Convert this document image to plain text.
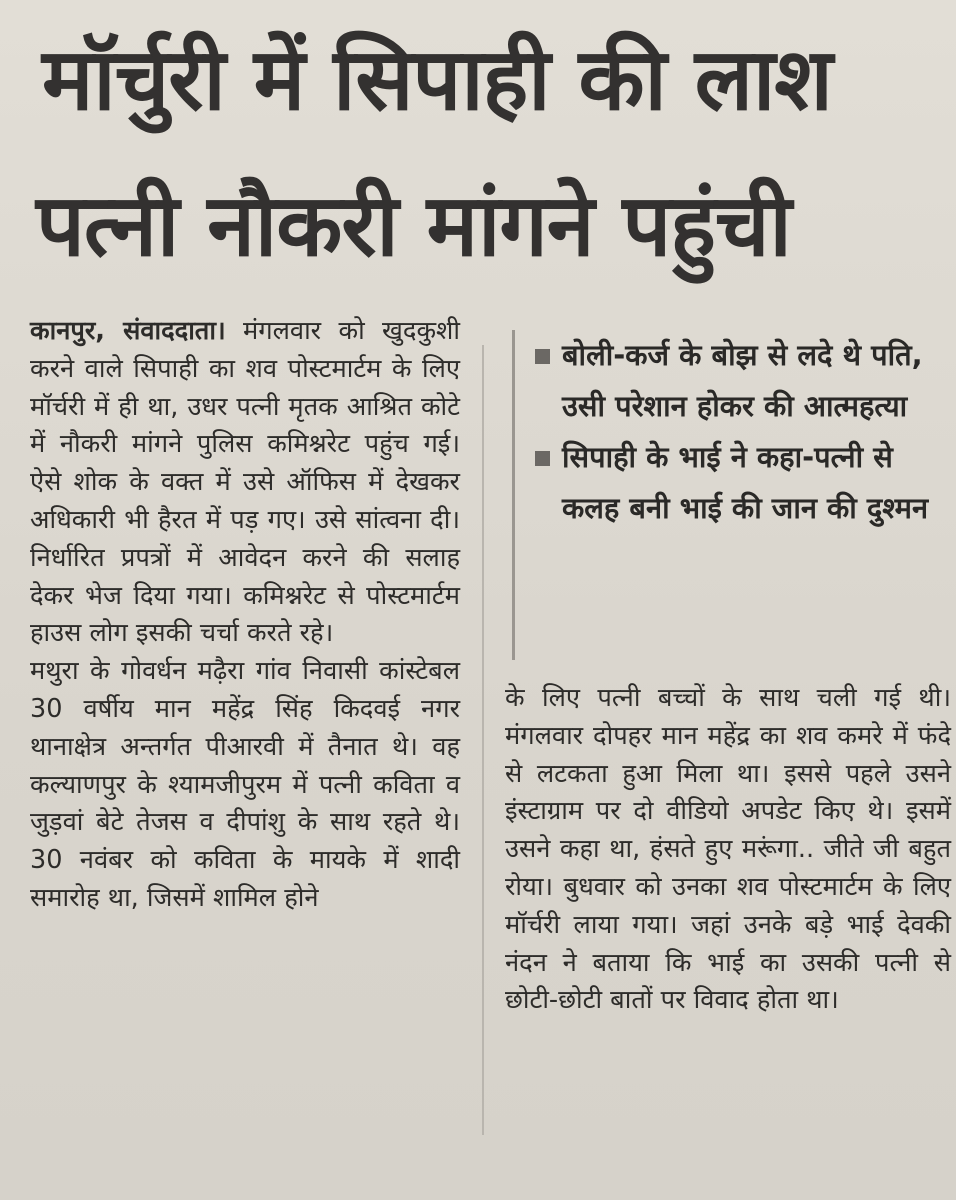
मॉर्चुरी में सिपाही की लाश
पत्नी नौकरी मांगने पहुंची

कानपुर, संवाददाता। मंगलवार को खुदकुशी करने वाले सिपाही का शव पोस्टमार्टम के लिए मॉर्चरी में ही था, उधर पत्नी मृतक आश्रित कोटे में नौकरी मांगने पुलिस कमिश्नरेट पहुंच गई। ऐसे शोक के वक्त में उसे ऑफिस में देखकर अधिकारी भी हैरत में पड़ गए। उसे सांत्वना दी। निर्धारित प्रपत्रों में आवेदन करने की सलाह देकर भेज दिया गया। कमिश्नरेट से पोस्टमार्टम हाउस लोग इसकी चर्चा करते रहे।

मथुरा के गोवर्धन मढ़ैरा गांव निवासी कांस्टेबल 30 वर्षीय मान महेंद्र सिंह किदवई नगर थानाक्षेत्र अन्तर्गत पीआरवी में तैनात थे। वह कल्याणपुर के श्यामजीपुरम में पत्नी कविता व जुड़वां बेटे तेजस व दीपांशु के साथ रहते थे। 30 नवंबर को कविता के मायके में शादी समारोह था, जिसमें शामिल होने

बोली-कर्ज के बोझ से लदे थे पति, उसी परेशान होकर की आत्महत्या
सिपाही के भाई ने कहा-पत्नी से कलह बनी भाई की जान की दुश्मन

के लिए पत्नी बच्चों के साथ चली गई थी। मंगलवार दोपहर मान महेंद्र का शव कमरे में फंदे से लटकता हुआ मिला था। इससे पहले उसने इंस्टाग्राम पर दो वीडियो अपडेट किए थे। इसमें उसने कहा था, हंसते हुए मरूंगा.. जीते जी बहुत रोया। बुधवार को उनका शव पोस्टमार्टम के लिए मॉर्चरी लाया गया। जहां उनके बड़े भाई देवकी नंदन ने बताया कि भाई का उसकी पत्नी से छोटी-छोटी बातों पर विवाद होता था।
